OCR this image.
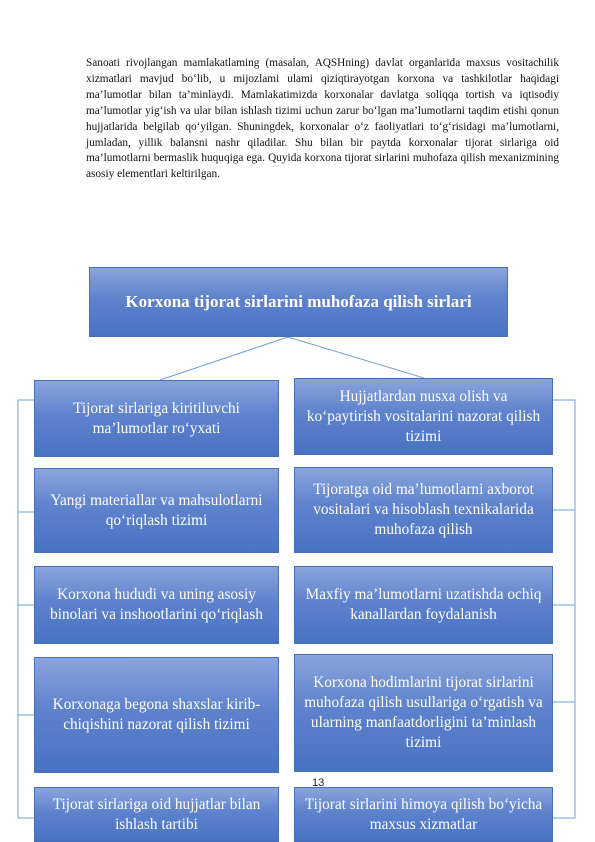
Sanoati rivojlangan mamlakatlaming (masalan, AQSHning) davlat organlarida maxsus vositachilik xizmatlari mavjud bo‘lib, u mijozlami ulami qiziqtirayotgan korxona va tashkilotlar haqidagi ma’lumotlar bilan ta’minlaydi. Mamlakatimizda korxonalar davlatga soliqqa tortish va iqtisodiy ma’lumotlar yig‘ish va ular bilan ishlash tizimi uchun zarur bo‘lgan ma’lumotlarni taqdim etishi qonun hujjatlarida belgilab qo‘yilgan. Shuningdek, korxonalar o‘z faoliyatlari to‘g‘risidagi ma’lumotlarni, jumladan, yillik balansni nashr qiladilar. Shu bilan bir paytda korxonalar tijorat sirlariga oid ma’lumotlarni bermaslik huquqiga ega. Quyida korxona tijorat sirlarini muhofaza qilish mexanizmining asosiy elementlari keltirilgan.

Korxona tijorat sirlarini muhofaza qilish sirlari
Tijorat sirlariga kiritiluvchi ma’lumotlar ro‘yxati
Yangi materiallar va mahsulotlarni qo‘riqlash tizimi
Korxona hududi va uning asosiy binolari va inshootlarini qo‘riqlash
Korxonaga begona shaxslar kirib-chiqishini nazorat qilish tizimi
Tijorat sirlariga oid hujjatlar bilan ishlash tartibi
Hujjatlardan nusxa olish va ko‘paytirish vositalarini nazorat qilish tizimi
Tijoratga oid ma’lumotlarni axborot vositalari va hisoblash texnikalarida muhofaza qilish
Maxfiy ma’lumotlarni uzatishda ochiq kanallardan foydalanish
Korxona hodimlarini tijorat sirlarini muhofaza qilish usullariga o‘rgatish va ularning manfaatdorligini ta’minlash tizimi
Tijorat sirlarini himoya qilish bo‘yicha maxsus xizmatlar
13
